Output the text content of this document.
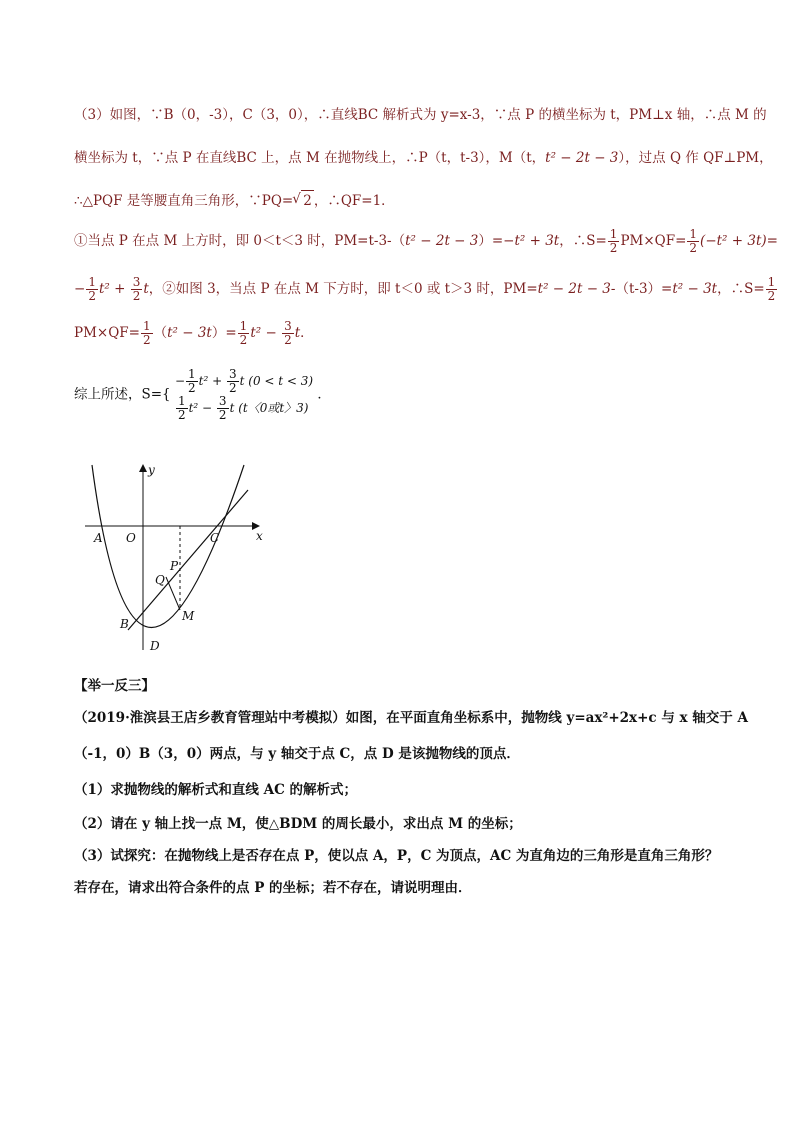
（3）如图，∵B（0，-3），C（3，0），∴直线BC 解析式为 y=x-3，∵点 P 的横坐标为 t，PM⊥x 轴，∴点 M 的
横坐标为 t，∵点 P 在直线BC 上，点 M 在抛物线上，∴P（t，t-3），M（t，t² − 2t − 3），过点 Q 作 QF⊥PM，
∴△PQF 是等腰直角三角形，∵PQ=√ 2 ，∴QF=1．
①当点 P 在点 M 上方时，即 0＜t＜3 时，PM=t-3-（t² − 2t − 3）=−t² + 3t，∴S= $\frac{1}{2} PM\times QF= \frac{1}{2} (-t^2 + 3t)=$
− $\frac{1}{2} t^2 + \frac{3}{2}$ t，②如图 3，当点 P 在点 M 下方时，即 t＜0 或 t＞3 时，PM=t² − 2t − 3-（t-3）=t² − 3t，∴S= $\frac{1}{2}$
$PM\times QF= \frac{1}{2} (t^2 - 3t)= \frac{1}{2} t^2 - \frac{3}{2}$ t．
综上所述，S={
− $\frac{1}{2} t^2 + \frac{3}{2}$ t (0 < t < 3)
$\frac{1}{2} t^2 - \frac{3}{2}$ t (t〈0或t〉3)
．
x
y
A O	C
P
Q
M
B
D
【举一反三】
（2019·淮滨县王店乡教育管理站中考模拟）如图，在平面直角坐标系中，抛物线 y=ax²+2x+c 与 x 轴交于 A
（-1，0）B（3，0）两点，与 y 轴交于点 C，点 D 是该抛物线的顶点．
（1）求抛物线的解析式和直线 AC 的解析式；
（2）请在 y 轴上找一点 M，使△BDM 的周长最小，求出点 M 的坐标；
（3）试探究：在抛物线上是否存在点 P，使以点 A，P，C 为顶点，AC 为直角边的三角形是直角三角形？
若存在，请求出符合条件的点 P 的坐标；若不存在，请说明理由．
